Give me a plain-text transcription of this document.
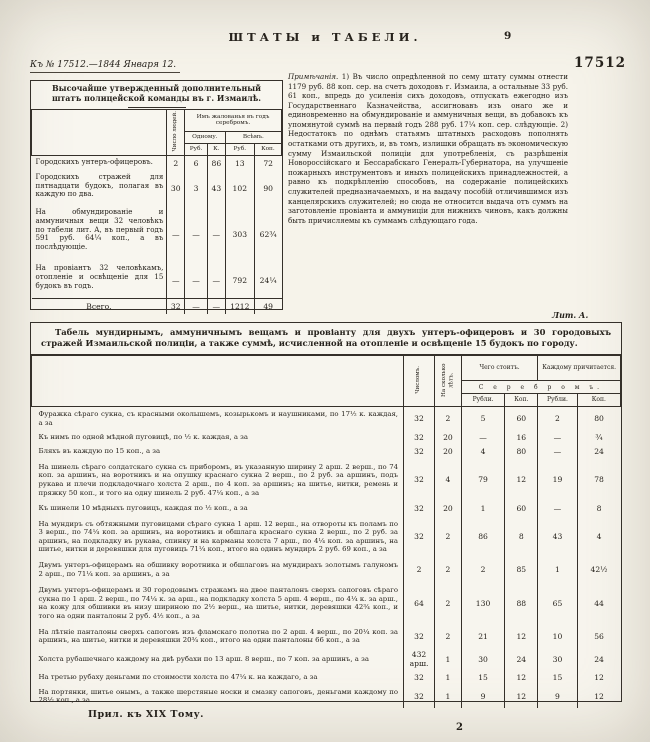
ШТАТЫ и ТАБЕЛИ.	9
Къ № 17512.—1844 Января 12.	17512
Высочайше утвержденный дополнительный штатъ полицейской команды въ г. Измаилѣ.
	Число людей.	Имъ жалованья въ годъ серебромъ.			
		Одному.		Всѣмъ.	
		Руб.	К.	Руб.	Коп.
Городскихъ унтеръ-офицеровъ.	2	6	86	13	72
Городскихъ стражей для пятнадцати будокъ, полагая въ каждую по два.	30	3	43	102	90
На обмундированіе и аммуничныя вещи 32 человѣкъ по табели лит. А, въ первый годъ 591 руб. 64¼ коп., а въ послѣдующіе.	—	—	—	303	62¾
На провіантъ 32 человѣкамъ, отопленіе и освѣщеніе для 15 будокъ въ годъ.	—	—	—	792	24¼
Всего.	32	—	—	1212	49
Примѣчанія. 1) Въ число опредѣленной по сему штату суммы отнести 1179 руб. 88 коп. сер. на счетъ доходовъ г. Измаила, а остальные 33 руб. 61 коп., впредь до усиленія сихъ доходовъ, отпускать ежегодно изъ Государственнаго Казначейства, ассигновавъ изъ онаго же и единовременно на обмундированіе и аммуничныя вещи, въ добавокъ къ упомянутой суммѣ на первый годъ 288 руб. 17¼ коп. сер. слѣдующіе. 2) Недостатокъ по однѣмъ статьямъ штатныхъ расходовъ пополнять остатками отъ другихъ, и, въ томъ, излишки обращать въ экономическую сумму Измаильской полиціи для употребленія, съ разрѣшенія Новороссійскаго и Бессарабскаго Генералъ-Губернатора, на улучшеніе пожарныхъ инструментовъ и иныхъ полицейскихъ принадлежностей, а равно къ подкрѣпленію способовъ, на содержаніе полицейскихъ служителей предназначаемыхъ, и на выдачу пособій отличившимся изъ канцелярскихъ служителей; но сюда не относится выдача отъ суммъ на заготовленіе провіанта и аммуниціи для нижнихъ чиновъ, какъ должны быть причисляемы къ суммамъ слѣдующаго года.
Лит. А.
Табель мундирнымъ, аммуничнымъ вещамъ и провіанту для двухъ унтеръ-офицеровъ и 30 городовыхъ стражей Измаильской полиціи, а также суммѣ, исчисленной на отопленіе и освѣщеніе 15 будокъ по городу.
	Числомъ.	На сколько лѣтъ.	Чего стоитъ.		Каждому причитается.	
			С е р е б р о м ъ.			
			Рубли.	Коп.	Рубли.	Коп.
Фуражка сѣраго сукна, съ красными околышемъ, козырькомъ и наушниками, по 17½ к. каждая, а за	32	2	5	60	2	80
Къ нимъ по одной мѣдной пуговицѣ, по ½ к. каждая, а за	32	20	—	16	—	¾
Бляхъ въ каждую по 15 коп., а за	32	20	4	80	—	24
На шинель сѣраго солдатскаго сукна съ приборомъ, въ указанную ширину 2 арш. 2 верш., по 74 коп. за аршинъ, на воротникъ и на опушку краснаго сукна 2 верш., по 2 руб. за аршинъ, подъ рукава и плечи подкладочнаго холста 2 арш., по 4 коп. за аршинъ; на шитье, нитки, ремень и пряжку 50 коп., и того на одну шинель 2 руб. 47¼ коп., а за	32	4	79	12	19	78
Къ шинели 10 мѣдныхъ пуговицъ, каждая по ½ коп., а за	32	20	1	60	—	8
На мундиръ съ обтяжными пуговицами сѣраго сукна 1 арш. 12 верш., на отвороты къ поламъ по 3 верш., по 74¼ коп. за аршинъ, на воротникъ и обшлага краснаго сукна 2 верш., по 2 руб. за аршинъ, на подкладку въ рукава, спинку и на карманы холста 7 арш., по 4¼ коп. за аршинъ, на шитье, нитки и деревяшки для пуговицъ 71¼ коп., итого на одинъ мундиръ 2 руб. 69 коп., а за	32	2	86	8	43	4
Двумъ унтеръ-офицерамъ на обшивку воротника и обшлаговъ на мундирахъ золотымъ галуномъ 2 арш., по 71¼ коп. за аршинъ, а за	2	2	2	85	1	42½
Двумъ унтеръ-офицерамъ и 30 городовымъ стражамъ на двое панталонъ сверхъ сапоговъ сѣраго сукна по 1 арш. 2 верш., по 74¼ к. за арш., на подкладку холста 5 арш. 4 верш., по 4¼ к. за арш., на кожу для обшивки въ низу шириною по 2½ верш., на шитье, нитки, деревяшки 42¾ коп., и того на одни панталоны 2 руб. 4½ коп., а за	64	2	130	88	65	44
На лѣтніе панталоны сверхъ сапоговъ изъ фламскаго полотна по 2 арш. 4 верш., по 20¼ коп. за аршинъ, на шитье, нитки и деревяшки 20¾ коп., итого на одни панталоны 66 коп., а за	32	2	21	12	10	56
Холста рубашечнаго каждому на двѣ рубахи по 13 арш. 8 верш., по 7 коп. за аршинъ, а за	432 арш.	1	30	24	30	24
На третью рубаху деньгами по стоимости холста по 47¼ к. на каждаго, а за	32	1	15	12	15	12
На портянки, шитье онымъ, а также шерстяные носки и смазку сапоговъ, деньгами каждому по 28½ коп., а за	32	1	9	12	9	12
Прил. къ XIX Тому.
2
